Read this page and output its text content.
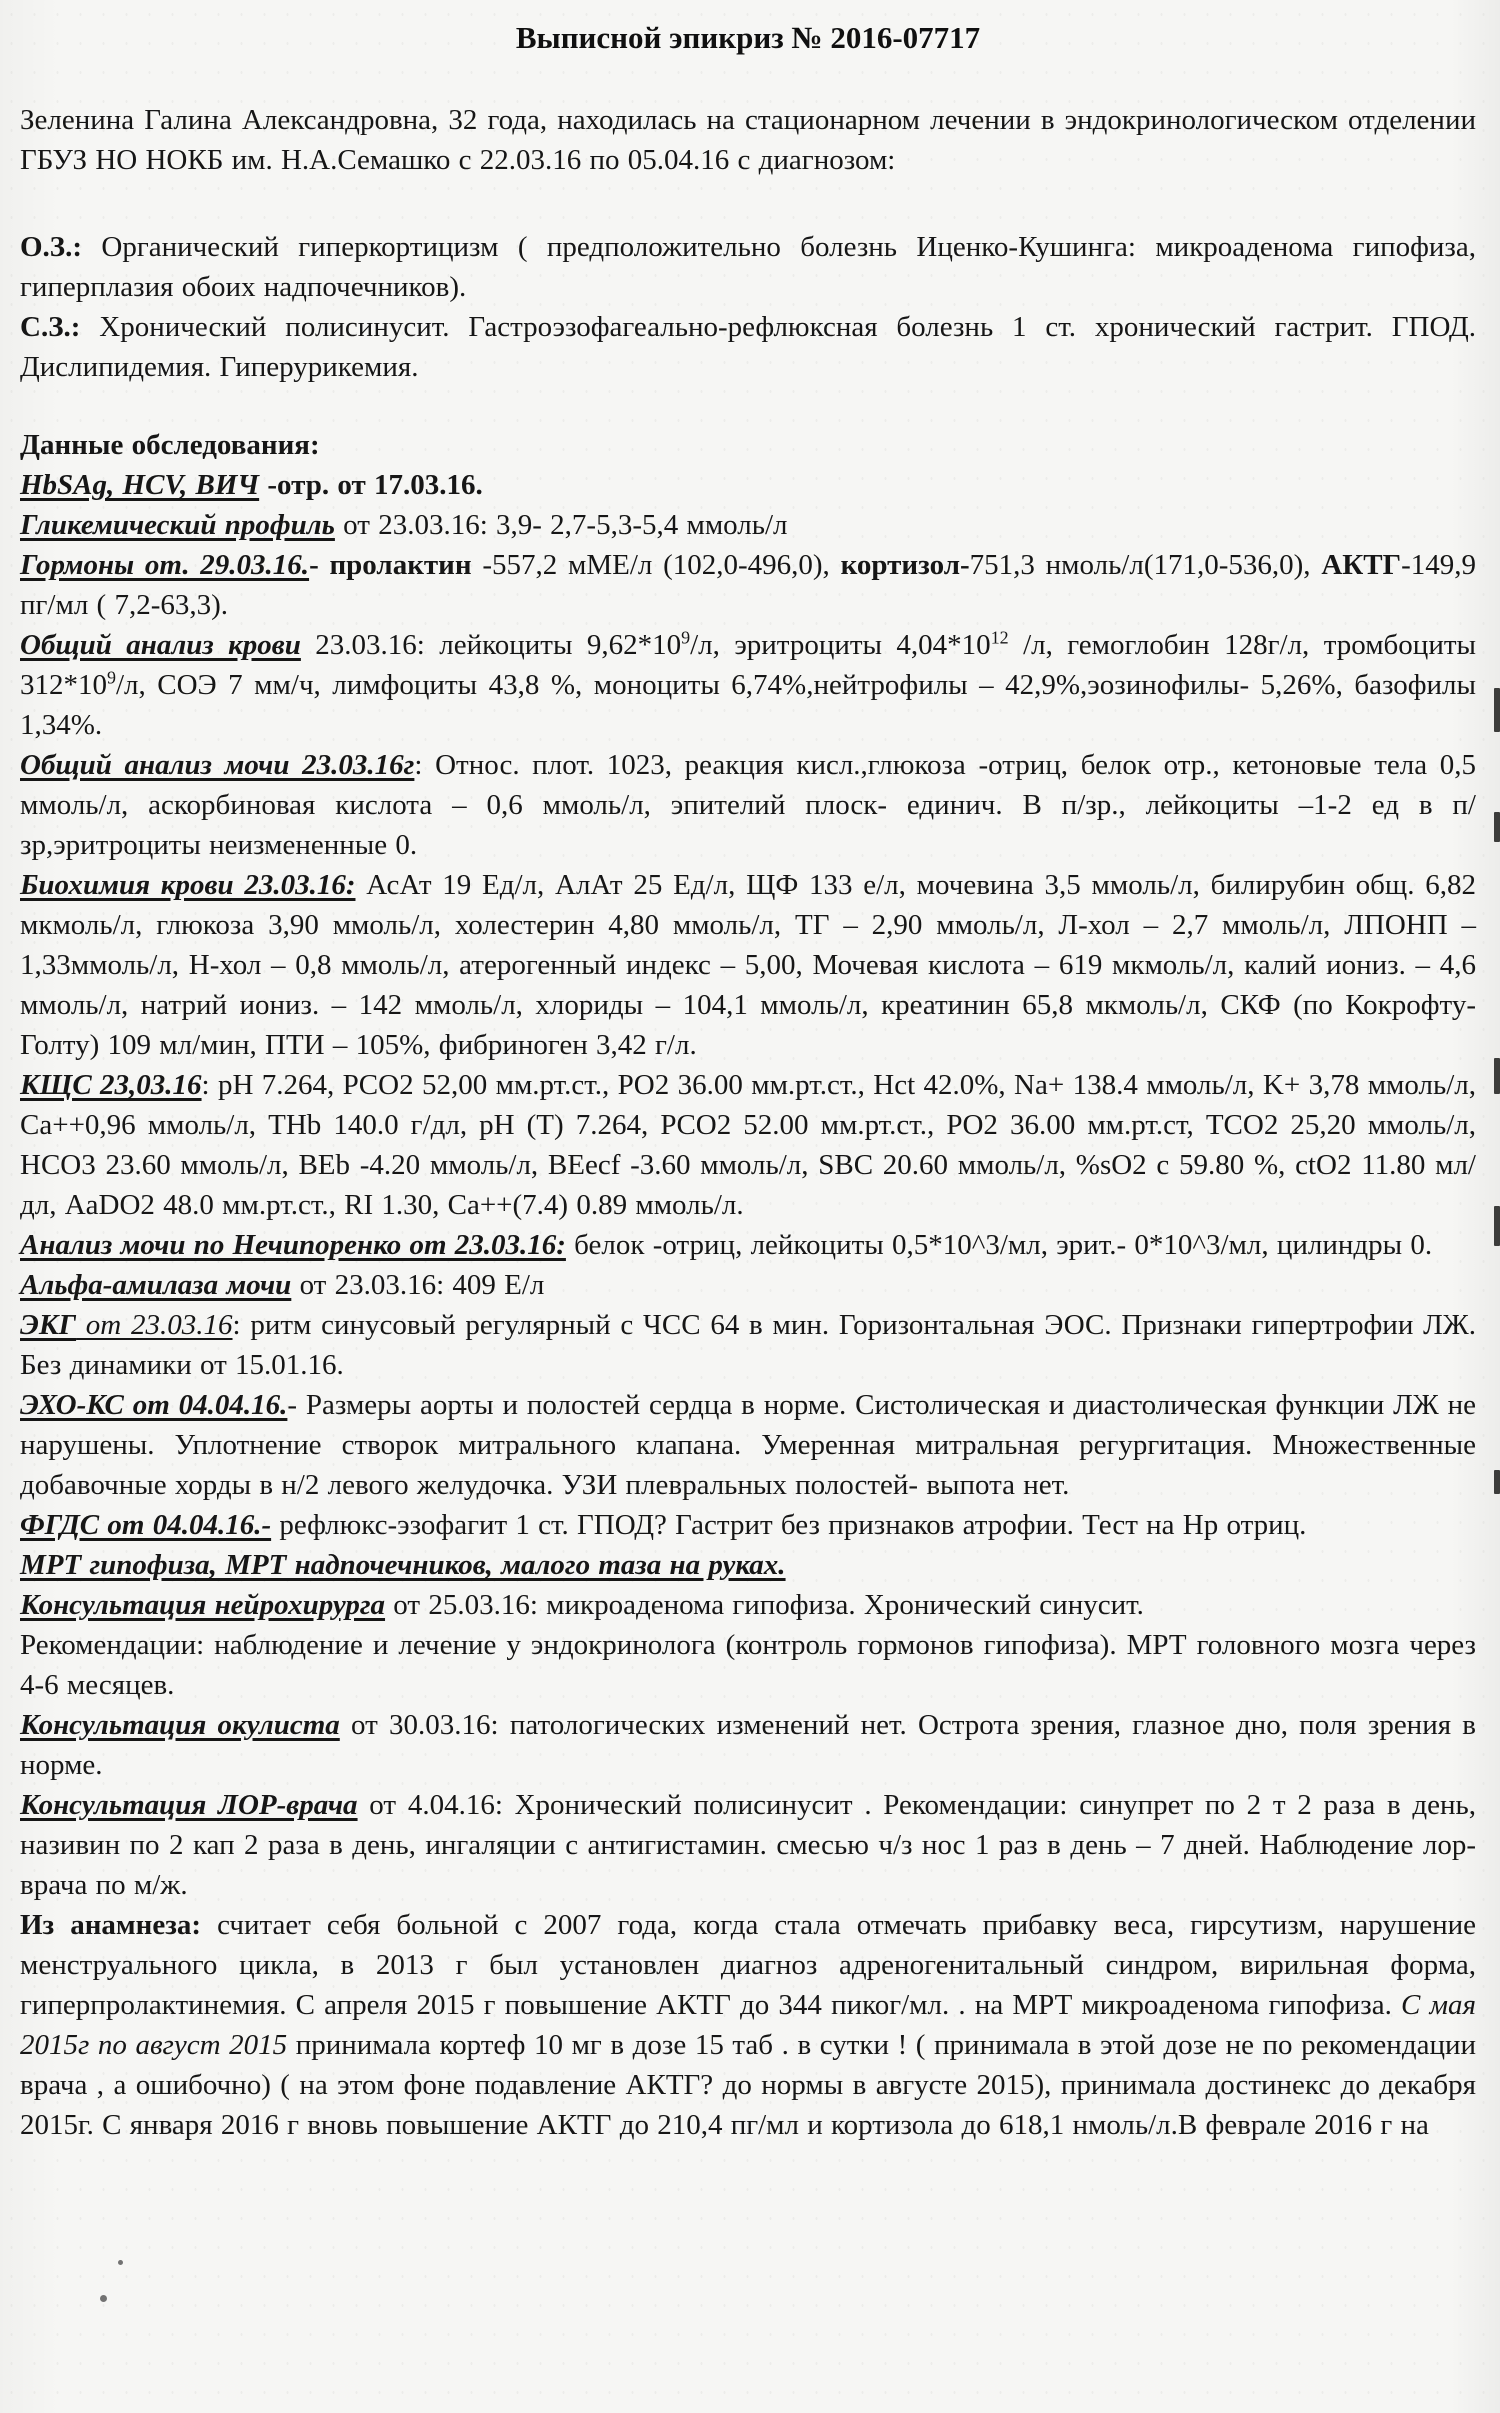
Выписной эпикриз № 2016-07717

Зеленина Галина Александровна, 32 года, находилась на стационарном лечении в эндокринологическом отделении ГБУЗ НО НОКБ им. Н.А.Семашко с 22.03.16 по 05.04.16 с диагнозом:

О.З.: Органический гиперкортицизм ( предположительно болезнь Иценко-Кушинга: микроаденома гипофиза, гиперплазия обоих надпочечников).

С.З.: Хронический полисинусит. Гастроэзофагеально-рефлюксная болезнь 1 ст. хронический гастрит. ГПОД. Дислипидемия. Гиперурикемия.

Данные обследования:

HbSAg, HCV, ВИЧ -отр. от 17.03.16.

Гликемический профиль от 23.03.16: 3,9- 2,7-5,3-5,4 ммоль/л

Гормоны от. 29.03.16.- пролактин -557,2 мМЕ/л (102,0-496,0), кортизол-751,3 нмоль/л(171,0-536,0), АКТГ-149,9 пг/мл ( 7,2-63,3).

Общий анализ крови 23.03.16: лейкоциты $9,62*10^9/л$, эритроциты $4,04*10^{12}$ /л, гемоглобин 128г/л, тромбоциты $312*10^9/л$, СОЭ 7 мм/ч, лимфоциты 43,8 %, моноциты 6,74%,нейтрофилы – 42,9%,эозинофилы- 5,26%, базофилы 1,34%.

Общий анализ мочи 23.03.16г: Относ. плот. 1023, реакция кисл.,глюкоза -отриц, белок отр., кетоновые тела 0,5 ммоль/л, аскорбиновая кислота – 0,6 ммоль/л, эпителий плоск- единич. В п/зр., лейкоциты –1-2 ед в п/зр,эритроциты неизмененные 0.

Биохимия крови 23.03.16: АсАт 19 Ед/л, АлАт 25 Ед/л, ЩФ 133 е/л, мочевина 3,5 ммоль/л, билирубин общ. 6,82 мкмоль/л, глюкоза 3,90 ммоль/л, холестерин 4,80 ммоль/л, ТГ – 2,90 ммоль/л, Л-хол – 2,7 ммоль/л, ЛПОНП – 1,33ммоль/л, Н-хол – 0,8 ммоль/л, атерогенный индекс – 5,00, Мочевая кислота – 619 мкмоль/л, калий иониз. – 4,6 ммоль/л, натрий иониз. – 142 ммоль/л, хлориды – 104,1 ммоль/л, креатинин 65,8 мкмоль/л, СКФ (по Кокрофту-Голту) 109 мл/мин, ПТИ – 105%, фибриноген 3,42 г/л.

КЩС 23,03.16: pH 7.264, PCO2 52,00 мм.рт.ст., PO2 36.00 мм.рт.ст., Hct 42.0%, Na+ 138.4 ммоль/л, K+ 3,78 ммоль/л, Ca++0,96 ммоль/л, THb 140.0 г/дл, pH (T) 7.264, PCO2 52.00 мм.рт.ст., PO2 36.00 мм.рт.ст, TCO2 25,20 ммоль/л, HCO3 23.60 ммоль/л, BEb -4.20 ммоль/л, BEecf -3.60 ммоль/л, SBC 20.60 ммоль/л, %sO2 с 59.80 %, ctO2 11.80 мл/дл, AaDO2 48.0 мм.рт.ст., RI 1.30, Ca++(7.4) 0.89 ммоль/л.

Анализ мочи по Нечипоренко от 23.03.16: белок -отриц, лейкоциты 0,5*10^3/мл, эрит.- 0*10^3/мл, цилиндры 0.

Альфа-амилаза мочи от 23.03.16: 409 Е/л

ЭКГ от 23.03.16: ритм синусовый регулярный с ЧСС 64 в мин. Горизонтальная ЭОС. Признаки гипертрофии ЛЖ. Без динамики от 15.01.16.

ЭХО-КС от 04.04.16.- Размеры аорты и полостей сердца в норме. Систолическая и диастолическая функции ЛЖ не нарушены. Уплотнение створок митрального клапана. Умеренная митральная регургитация. Множественные добавочные хорды в н/2 левого желудочка. УЗИ плевральных полостей- выпота нет.

ФГДС от 04.04.16.- рефлюкс-эзофагит 1 ст. ГПОД? Гастрит без признаков атрофии. Тест на Hp отриц.

МРТ гипофиза, МРТ надпочечников, малого таза на руках.

Консультация нейрохирурга от 25.03.16: микроаденома гипофиза. Хронический синусит.

Рекомендации: наблюдение и лечение у эндокринолога (контроль гормонов гипофиза). МРТ головного мозга через 4-6 месяцев.

Консультация окулиста от 30.03.16: патологических изменений нет. Острота зрения, глазное дно, поля зрения в норме.

Консультация ЛОР-врача от 4.04.16: Хронический полисинусит . Рекомендации: синупрет по 2 т 2 раза в день, називин по 2 кап 2 раза в день, ингаляции с антигистамин. смесью ч/з нос 1 раз в день – 7 дней. Наблюдение лор-врача по м/ж.

Из анамнеза: считает себя больной с 2007 года, когда стала отмечать прибавку веса, гирсутизм, нарушение менструального цикла, в 2013 г был установлен диагноз адреногенитальный синдром, вирильная форма, гиперпролактинемия. С апреля 2015 г повышение АКТГ до 344 пиког/мл. . на МРТ микроаденома гипофиза. С мая 2015г по август 2015 принимала кортеф 10 мг в дозе 15 таб . в сутки ! ( принимала в этой дозе не по рекомендации врача , а ошибочно) ( на этом фоне подавление АКТГ? до нормы в августе 2015), принимала достинекс до декабря 2015г. С января 2016 г вновь повышение АКТГ до 210,4 пг/мл и кортизола до 618,1 нмоль/л.В феврале 2016 г на
